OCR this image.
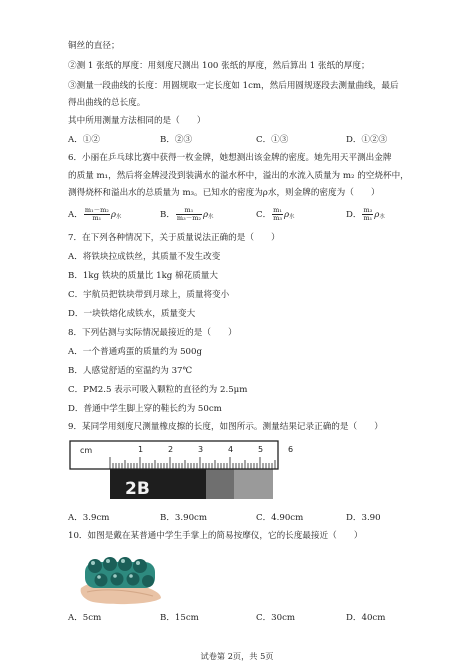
铜丝的直径；
②测 1 张纸的厚度：用刻度尺测出 100 张纸的厚度，然后算出 1 张纸的厚度；
③测量一段曲线的长度：用圆规取一定长度如 1cm，然后用圆规逐段去测量曲线，最后
得出曲线的总长度。
其中所用测量方法相同的是（　　）
A．①②	B．②③	C．①③	D．①②③
6．小丽在乒乓球比赛中获得一枚金牌，她想测出该金牌的密度。她先用天平测出金牌
的质量 m₁，然后将金牌浸没到装满水的溢水杯中，溢出的水流入质量为 m₂ 的空烧杯中，
测得烧杯和溢出水的总质量为 m₃。已知水的密度为ρ水，则金牌的密度为（　　）
A． $\frac{\text{m₁－m₂}}{\text{m₁}}$ ρ水	B． $\frac{\text{m₁}}{\text{m₃－m₂}}$ ρ水	C． $\frac{\text{m₁}}{\text{m₃}}$ ρ水	D． $\frac{\text{m₃}}{\text{m₁}}$ ρ水
7．在下列各种情况下，关于质量说法正确的是（　　）
A．将铁块拉成铁丝，其质量不发生改变
B．1kg 铁块的质量比 1kg 棉花质量大
C．宇航员把铁块带到月球上，质量将变小
D．一块铁熔化成铁水，质量变大
8．下列估测与实际情况最接近的是（　　）
A．一个普通鸡蛋的质量约为 500g
B．人感觉舒适的室温约为 37℃
C．PM2.5 表示可吸入颗粒的直径约为 2.5μm
D．普通中学生脚上穿的鞋长约为 50cm
9．某同学用刻度尺测量橡皮擦的长度，如图所示。测量结果记录正确的是（　　）
2B
cm	1	2	3	4	5	6
A．3.9cm	B．3.90cm	C．4.90cm	D．3.90
10．如图是戴在某普通中学生手掌上的简易按摩仪，它的长度最接近（　　）
A．5cm	B．15cm	C．30cm	D．40cm
试卷第 2页，共 5页
